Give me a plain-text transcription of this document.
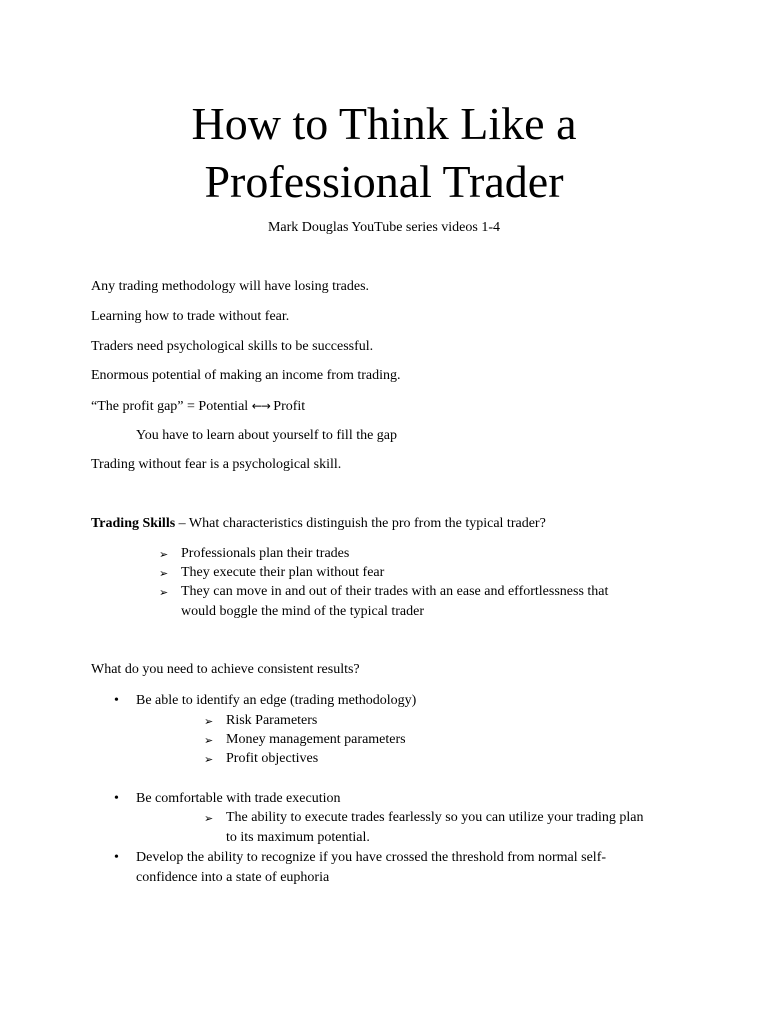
How to Think Like a
Professional Trader
Mark Douglas YouTube series videos 1-4
Any trading methodology will have losing trades.
Learning how to trade without fear.
Traders need psychological skills to be successful.
Enormous potential of making an income from trading.
“The profit gap” = Potential ←→ Profit
You have to learn about yourself to fill the gap
Trading without fear is a psychological skill.
Trading Skills – What characteristics distinguish the pro from the typical trader?
➢ Professionals plan their trades
➢ They execute their plan without fear
➢ They can move in and out of their trades with an ease and effortlessness that
would boggle the mind of the typical trader
What do you need to achieve consistent results?
• Be able to identify an edge (trading methodology)
➢ Risk Parameters
➢ Money management parameters
➢ Profit objectives
• Be comfortable with trade execution
➢ The ability to execute trades fearlessly so you can utilize your trading plan
to its maximum potential.
• Develop the ability to recognize if you have crossed the threshold from normal self-
confidence into a state of euphoria
